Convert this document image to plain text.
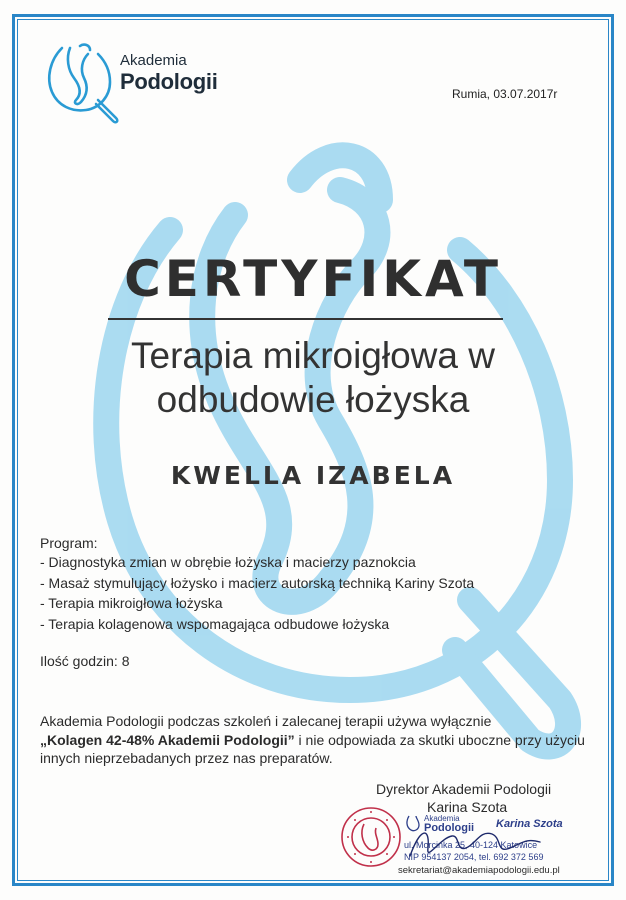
Akademia
Podologii	Rumia, 03.07.2017r
CERTYFIKAT
Terapia mikroigłowa w
odbudowie łożyska
KWELLA IZABELA
Program:
- Diagnostyka zmian w obrębie łożyska i macierzy paznokcia
- Masaż stymulujący łożysko i macierz autorską techniką Kariny Szota
- Terapia mikroigłowa łożyska
- Terapia kolagenowa wspomagająca odbudowe łożyska
Ilość godzin: 8
Akademia Podologii podczas szkoleń i zalecanej terapii używa wyłącznie
„Kolagen 42-48% Akademii Podologii” i nie odpowiada za skutki uboczne przy użyciu innych nieprzebadanych przez nas preparatów.
Dyrektor Akademii Podologii
Karina Szota
Akademia
Podologii Karina Szota
ul. Morcinka 25, 40-124 Katowice
NIP 954137 2054, tel. 692 372 569
sekretariat@akademiapodologii.edu.pl
